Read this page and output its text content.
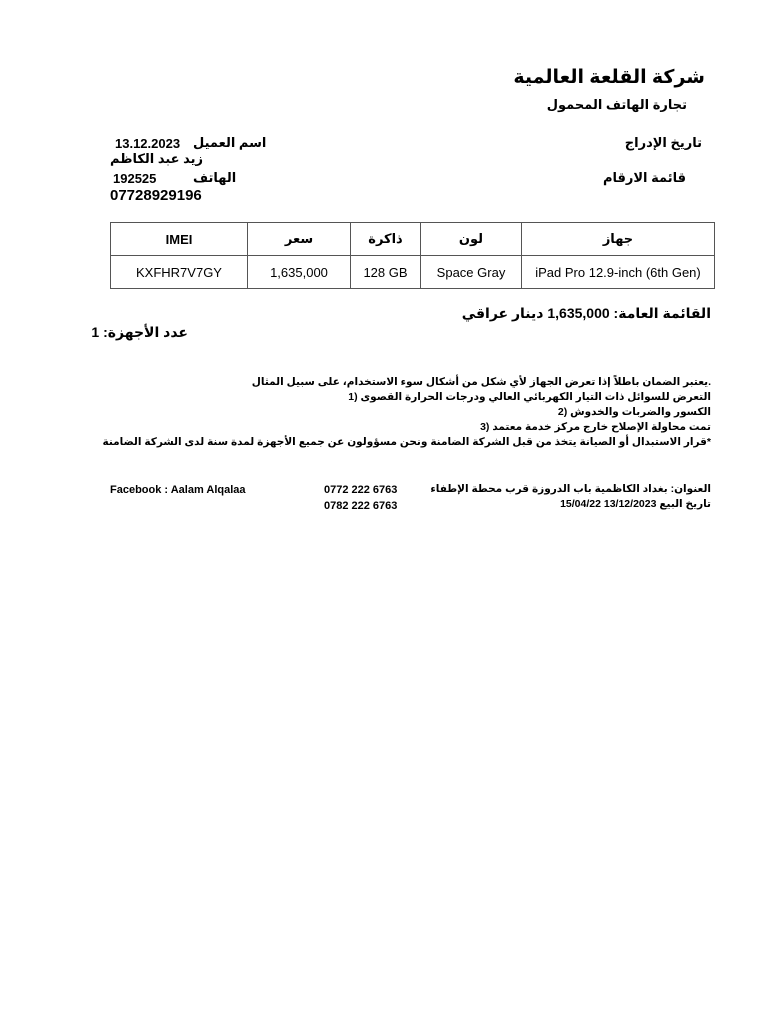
شركة القلعة العالمية
تجارة الهاتف المحمول
تاريخ الإدراج
قائمة الارقام
13.12.2023 اسم العميل
زيد عبد الكاظم
192525	الهاتف
07728929196
IMEI	سعر	ذاكرة	لون	جهاز
KXFHR7V7GY	1,635,000	128 GB	Space Gray	iPad Pro 12.9-inch (6th Gen)
القائمة العامة: 1,635,000 دينار عراقي
عدد الأجهزة: 1
.يعتبر الضمان باطلاً إذا تعرض الجهاز لأي شكل من أشكال سوء الاستخدام، على سبيل المثال
التعرض للسوائل ذات التيار الكهربائي العالي ودرجات الحرارة القصوى (1
الكسور والضربات والخدوش (2
تمت محاولة الإصلاح خارج مركز خدمة معتمد (3
*قرار الاستبدال أو الصيانة يتخذ من قبل الشركة الضامنة ونحن مسؤولون عن جميع الأجهزة لمدة سنة لدى الشركة الضامنة
Facebook : Aalam Alqalaa	0772 222 6763
0782 222 6763
العنوان: بغداد الكاظمية باب الدروزة قرب محطة الإطفاء
تاريخ البيع 13/12/2023 15/04/22
